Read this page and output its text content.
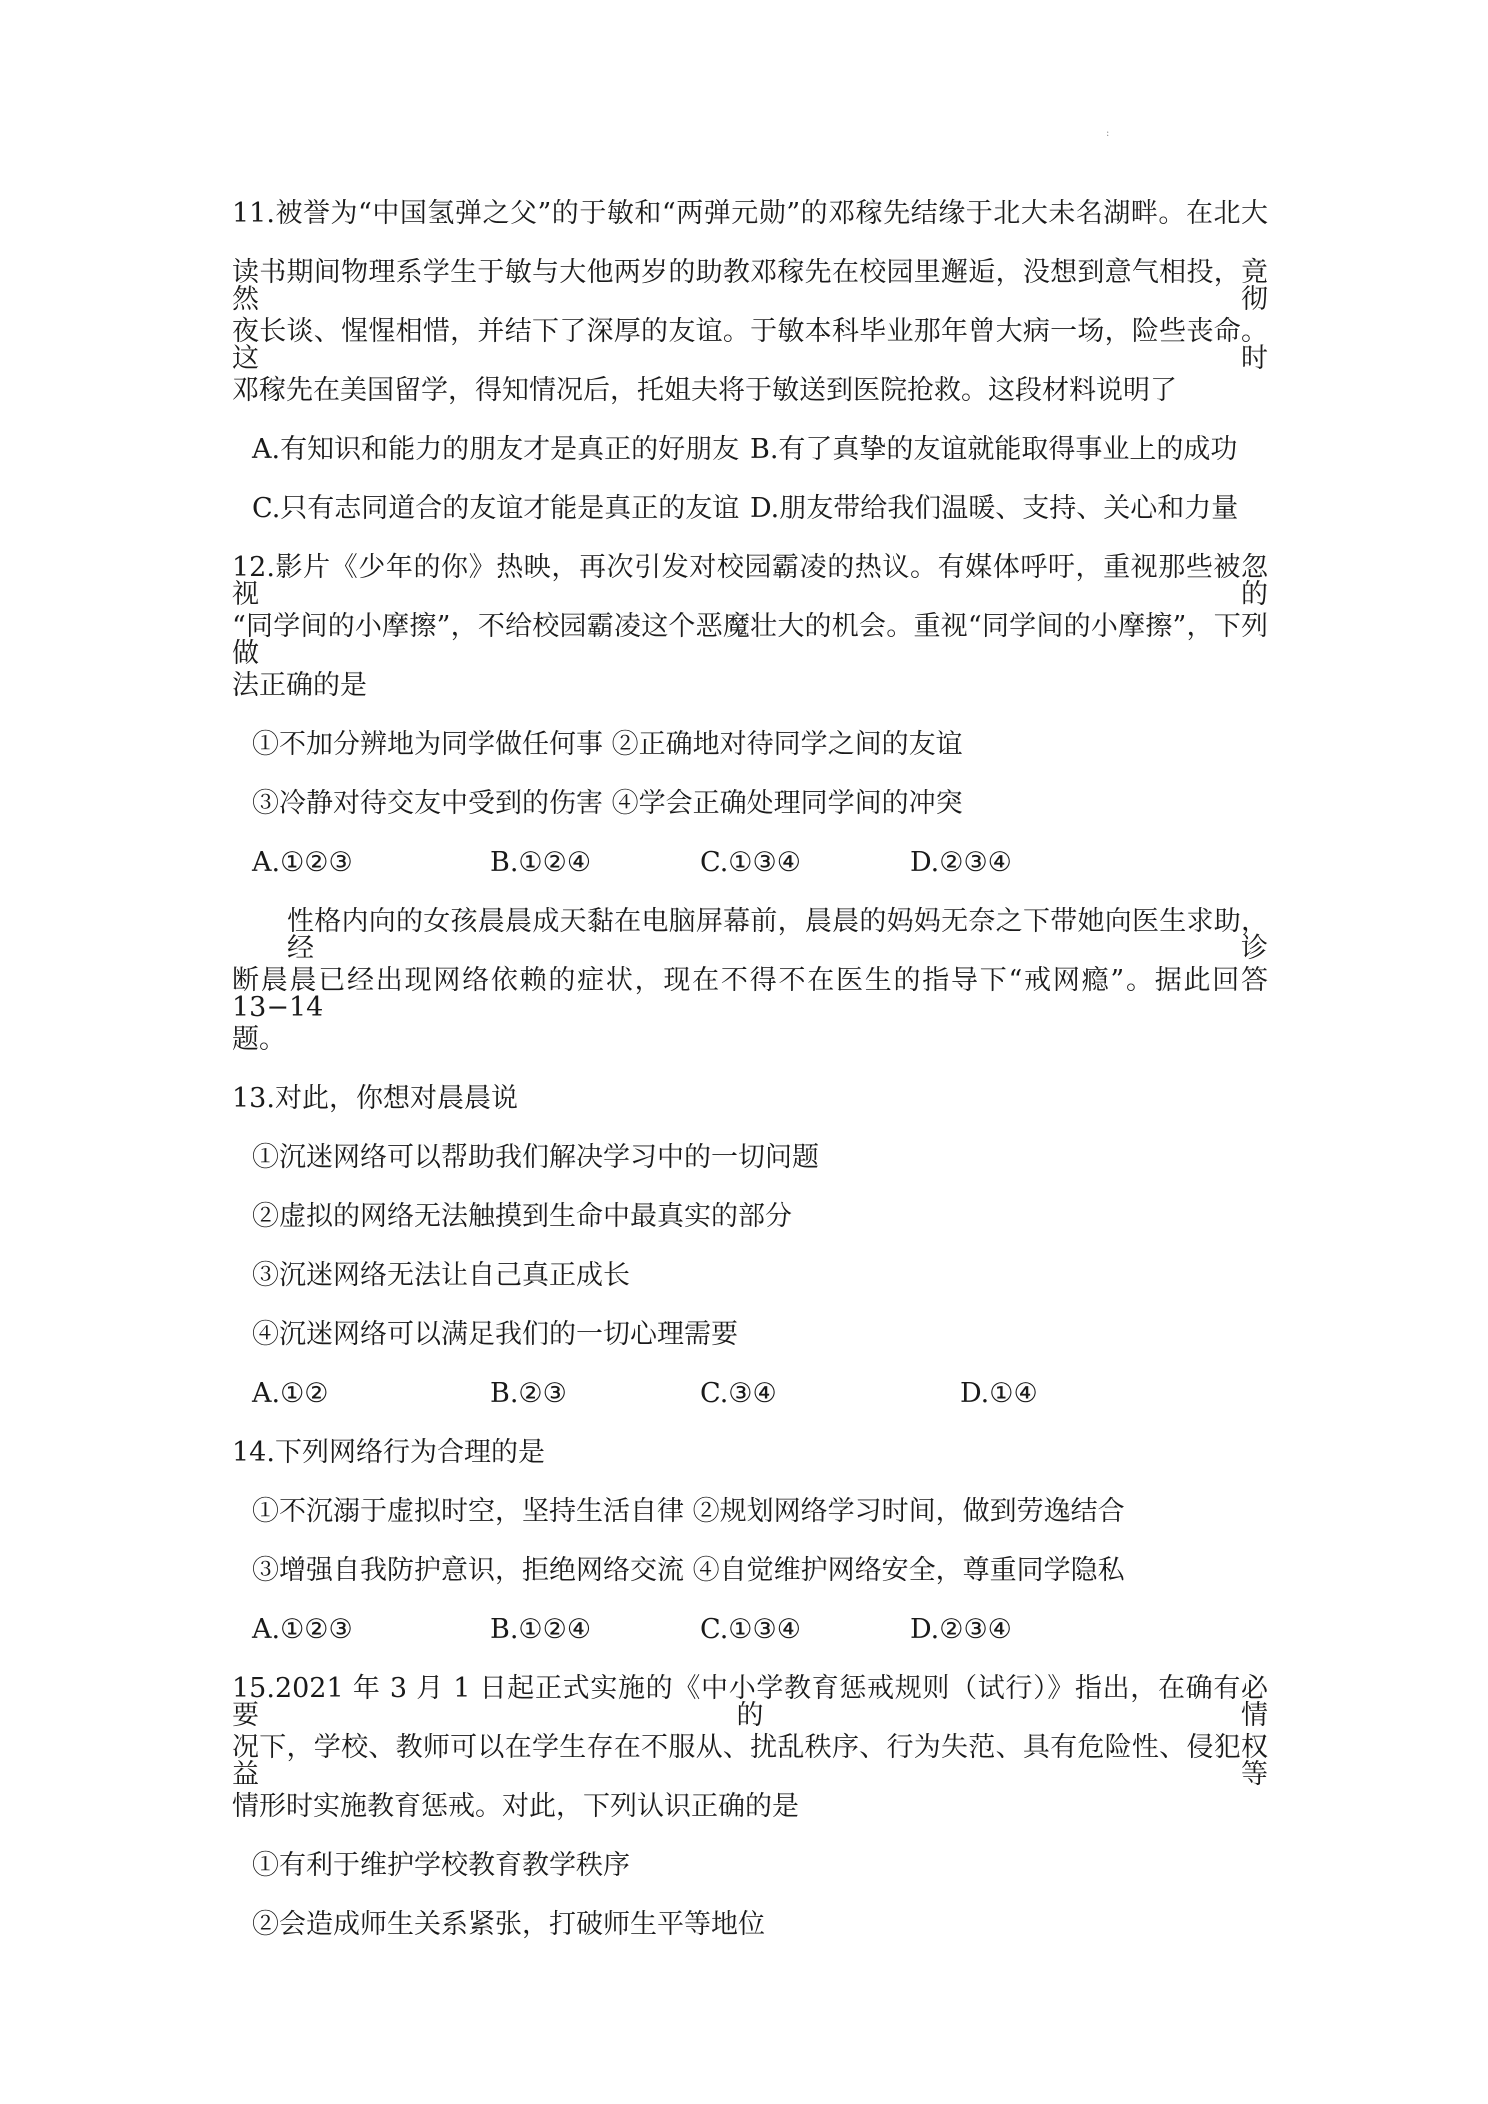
:
11.被誉为“中国氢弹之父”的于敏和“两弹元勋”的邓稼先结缘于北大未名湖畔。在北大
读书期间物理系学生于敏与大他两岁的助教邓稼先在校园里邂逅，没想到意气相投，竟然彻
夜长谈、惺惺相惜，并结下了深厚的友谊。于敏本科毕业那年曾大病一场，险些丧命。这时
邓稼先在美国留学，得知情况后，托姐夫将于敏送到医院抢救。这段材料说明了
A.有知识和能力的朋友才是真正的好朋友 B.有了真挚的友谊就能取得事业上的成功
C.只有志同道合的友谊才能是真正的友谊 D.朋友带给我们温暖、支持、关心和力量
12.影片《少年的你》热映，再次引发对校园霸凌的热议。有媒体呼吁，重视那些被忽视的
“同学间的小摩擦”，不给校园霸凌这个恶魔壮大的机会。重视“同学间的小摩擦”，下列做
法正确的是
①不加分辨地为同学做任何事 ②正确地对待同学之间的友谊
③冷静对待交友中受到的伤害 ④学会正确处理同学间的冲突
A.①②③	B.①②④	C.①③④	D.②③④
性格内向的女孩晨晨成天黏在电脑屏幕前，晨晨的妈妈无奈之下带她向医生求助，经诊
断晨晨已经出现网络依赖的症状，现在不得不在医生的指导下“戒网瘾”。据此回答 13−14
题。
13.对此，你想对晨晨说
①沉迷网络可以帮助我们解决学习中的一切问题
②虚拟的网络无法触摸到生命中最真实的部分
③沉迷网络无法让自己真正成长
④沉迷网络可以满足我们的一切心理需要
A.①②	B.②③	C.③④	D.①④
14.下列网络行为合理的是
①不沉溺于虚拟时空，坚持生活自律 ②规划网络学习时间，做到劳逸结合
③增强自我防护意识，拒绝网络交流 ④自觉维护网络安全，尊重同学隐私
A.①②③	B.①②④	C.①③④	D.②③④
15.2021 年 3 月 1 日起正式实施的《中小学教育惩戒规则（试行）》指出，在确有必要的情
况下，学校、教师可以在学生存在不服从、扰乱秩序、行为失范、具有危险性、侵犯权益等
情形时实施教育惩戒。对此，下列认识正确的是
①有利于维护学校教育教学秩序
②会造成师生关系紧张，打破师生平等地位
